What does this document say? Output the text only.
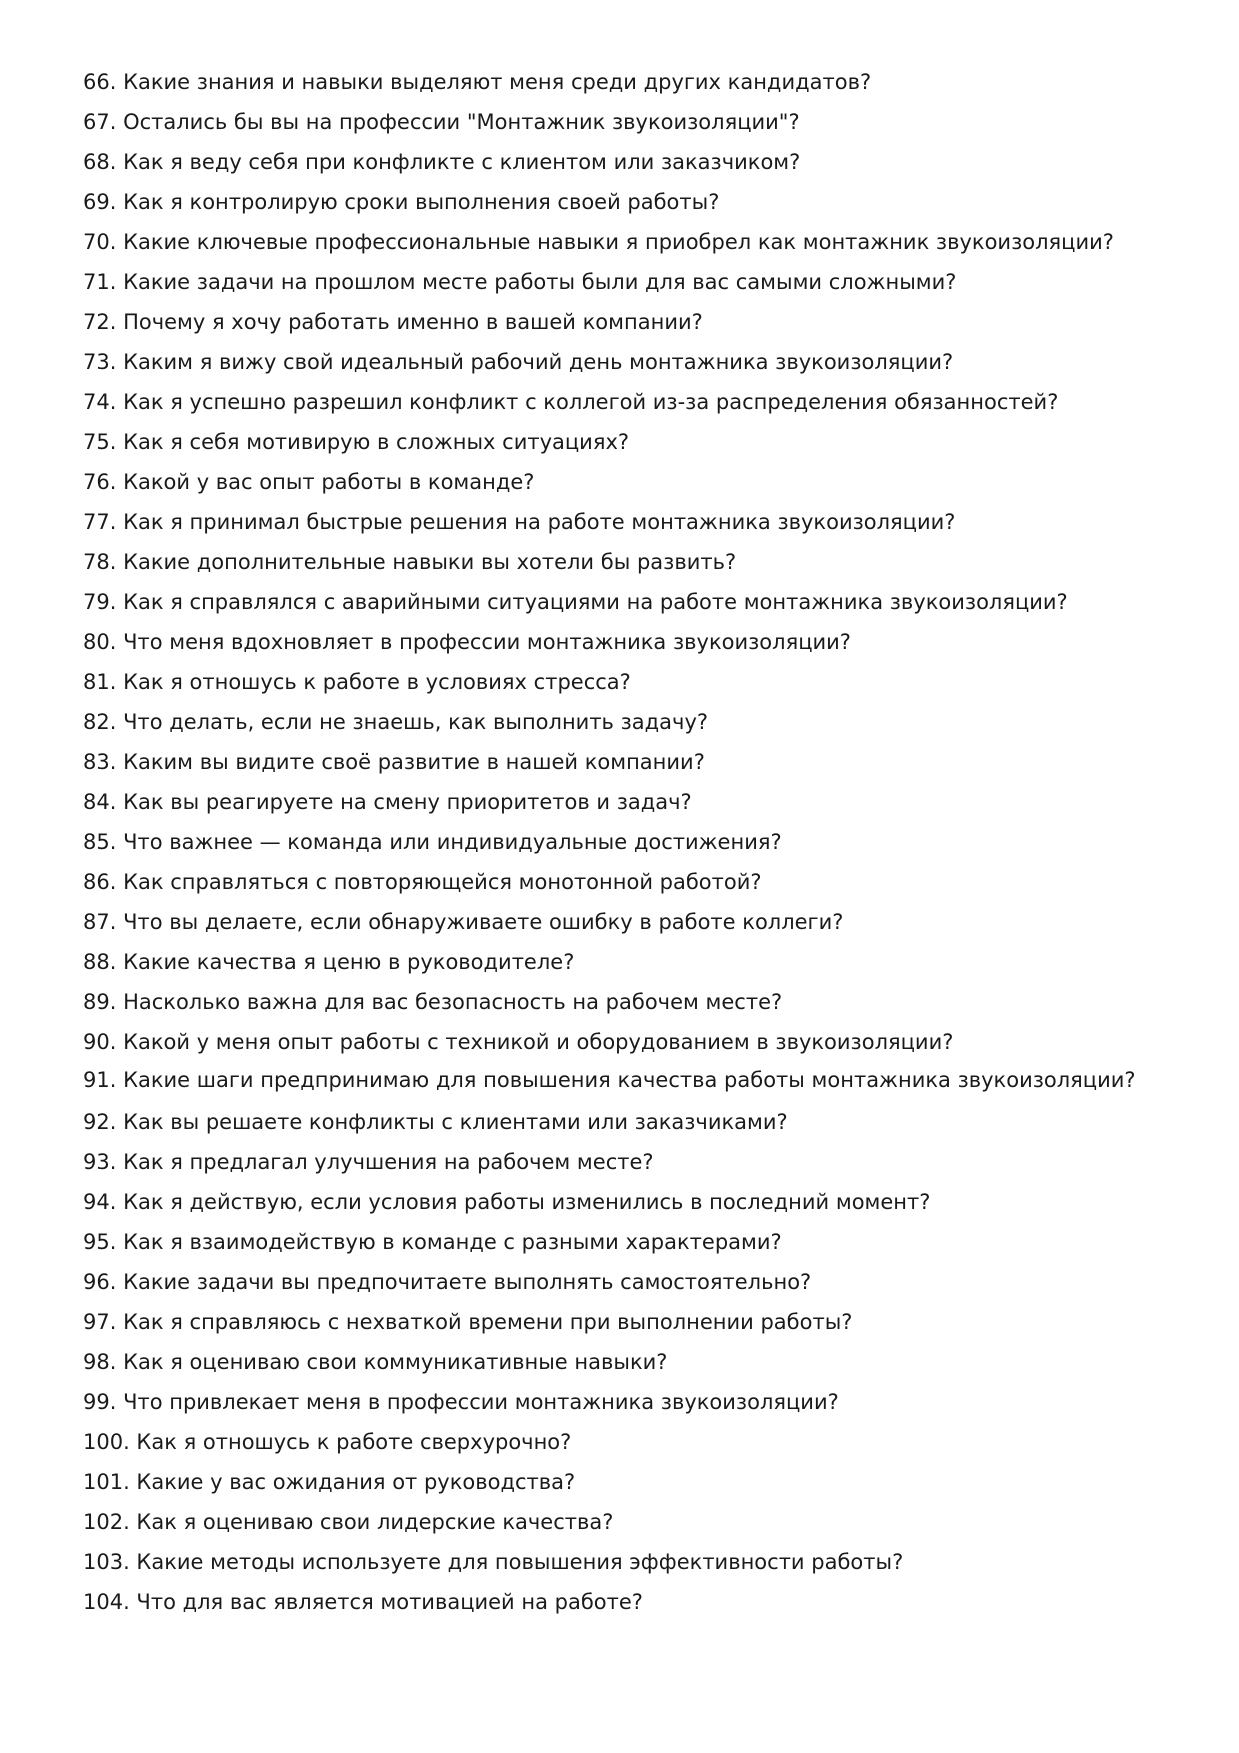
66. Какие знания и навыки выделяют меня среди других кандидатов?
67. Остались бы вы на профессии "Монтажник звукоизоляции"?
68. Как я веду себя при конфликте с клиентом или заказчиком?
69. Как я контролирую сроки выполнения своей работы?
70. Какие ключевые профессиональные навыки я приобрел как монтажник звукоизоляции?
71. Какие задачи на прошлом месте работы были для вас самыми сложными?
72. Почему я хочу работать именно в вашей компании?
73. Каким я вижу свой идеальный рабочий день монтажника звукоизоляции?
74. Как я успешно разрешил конфликт с коллегой из-за распределения обязанностей?
75. Как я себя мотивирую в сложных ситуациях?
76. Какой у вас опыт работы в команде?
77. Как я принимал быстрые решения на работе монтажника звукоизоляции?
78. Какие дополнительные навыки вы хотели бы развить?
79. Как я справлялся с аварийными ситуациями на работе монтажника звукоизоляции?
80. Что меня вдохновляет в профессии монтажника звукоизоляции?
81. Как я отношусь к работе в условиях стресса?
82. Что делать, если не знаешь, как выполнить задачу?
83. Каким вы видите своё развитие в нашей компании?
84. Как вы реагируете на смену приоритетов и задач?
85. Что важнее — команда или индивидуальные достижения?
86. Как справляться с повторяющейся монотонной работой?
87. Что вы делаете, если обнаруживаете ошибку в работе коллеги?
88. Какие качества я ценю в руководителе?
89. Насколько важна для вас безопасность на рабочем месте?
90. Какой у меня опыт работы с техникой и оборудованием в звукоизоляции?
91. Какие шаги предпринимаю для повышения качества работы монтажника звукоизоляции?
92. Как вы решаете конфликты с клиентами или заказчиками?
93. Как я предлагал улучшения на рабочем месте?
94. Как я действую, если условия работы изменились в последний момент?
95. Как я взаимодействую в команде с разными характерами?
96. Какие задачи вы предпочитаете выполнять самостоятельно?
97. Как я справляюсь с нехваткой времени при выполнении работы?
98. Как я оцениваю свои коммуникативные навыки?
99. Что привлекает меня в профессии монтажника звукоизоляции?
100. Как я отношусь к работе сверхурочно?
101. Какие у вас ожидания от руководства?
102. Как я оцениваю свои лидерские качества?
103. Какие методы используете для повышения эффективности работы?
104. Что для вас является мотивацией на работе?
